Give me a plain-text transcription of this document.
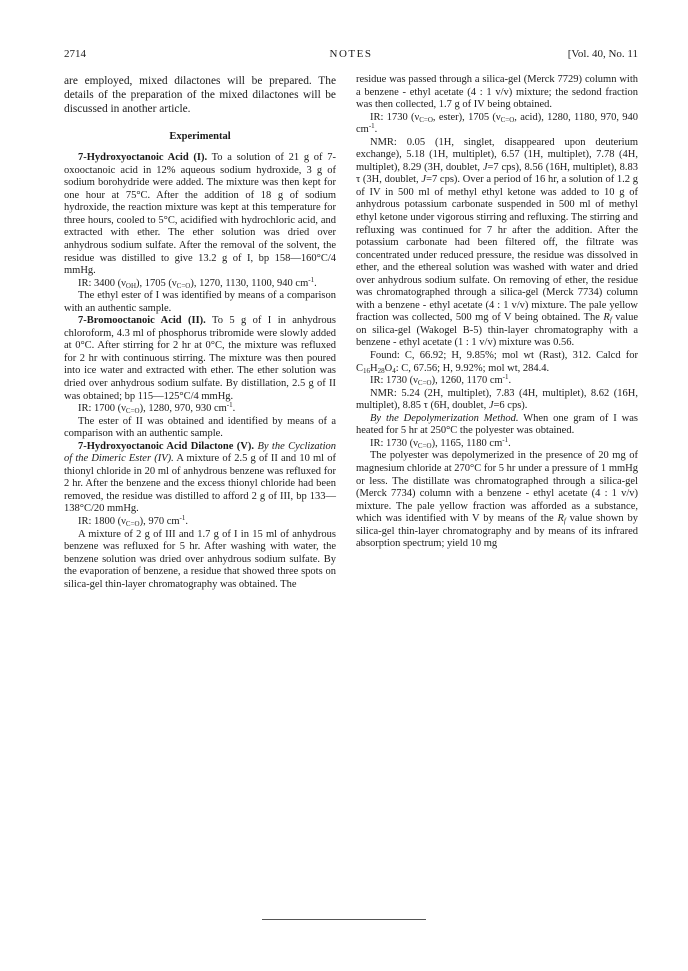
2714	NOTES	[Vol. 40, No. 11

are employed, mixed dilactones will be prepared. The details of the preparation of the mixed dilactones will be discussed in another article.

Experimental

7-Hydroxyoctanoic Acid (I). To a solution of 21 g of 7-oxooctanoic acid in 12% aqueous sodium hydroxide, 3 g of sodium borohydride were added. The mixture was then kept for one hour at 75°C. After the addition of 18 g of sodium hydroxide, the reaction mixture was kept at this temperature for three hours, cooled to 5°C, acidified with hydrochloric acid, and extracted with ether. The ether solution was dried over anhydrous sodium sulfate. After the removal of the solvent, the residue was distilled to give 13.2 g of I, bp 158—160°C/4 mmHg.

IR: 3400 $(\nu_{OH})$, 1705 $(\nu_{C=O})$, 1270, 1130, 1100, 940 $cm^{-1}$.

The ethyl ester of I was identified by means of a comparison with an authentic sample.

7-Bromooctanoic Acid (II). To 5 g of I in anhydrous chloroform, 4.3 ml of phosphorus tribromide were slowly added at 0°C. After stirring for 2 hr at 0°C, the mixture was refluxed for 2 hr with continuous stirring. The mixture was then poured into ice water and extracted with ether. The ether solution was dried over anhydrous sodium sulfate. By distillation, 2.5 g of II was obtained; bp 115—125°C/4 mmHg.

IR: 1700 $(\nu_{C=O})$, 1280, 970, 930 $cm^{-1}$.

The ester of II was obtained and identified by means of a comparison with an authentic sample.

7-Hydroxyoctanoic Acid Dilactone (V). By the Cyclization of the Dimeric Ester (IV). A mixture of 2.5 g of II and 10 ml of thionyl chloride in 20 ml of anhydrous benzene was refluxed for 2 hr. After the benzene and the excess thionyl chloride had been removed, the residue was distilled to afford 2 g of III, bp 133—138°C/20 mmHg.

IR: 1800 $(\nu_{C=O})$, 970 $cm^{-1}$.

A mixture of 2 g of III and 1.7 g of I in 15 ml of anhydrous benzene was refluxed for 5 hr. After washing with water, the benzene solution was dried over anhydrous sodium sulfate. By the evaporation of benzene, a residue that showed three spots on silica-gel thin-layer chromatography was obtained. The

residue was passed through a silica-gel (Merck 7729) column with a benzene - ethyl acetate (4 : 1 v/v) mixture; the sedond fraction was then collected, 1.7 g of IV being obtained.

IR: 1730 ($\nu_{C=O}$, ester), 1705 ($\nu_{C=O}$, acid), 1280, 1180, 970, 940 $cm^{-1}$.

NMR: 0.05 (1H, singlet, disappeared upon deuterium exchange), 5.18 (1H, multiplet), 6.57 (1H, multiplet), 7.78 (4H, multiplet), 8.29 (3H, doublet, J=7 cps), 8.56 (16H, multiplet), 8.83 τ (3H, doublet, J=7 cps). Over a period of 16 hr, a solution of 1.2 g of IV in 500 ml of methyl ethyl ketone was added to 10 g of anhydrous potassium carbonate suspended in 500 ml of methyl ethyl ketone under vigorous stirring and refluxing. The stirring and refluxing was continued for 7 hr after the addition. After the potassium carbonate had been filtered off, the filtrate was concentrated under reduced pressure, the residue was dissolved in ether, and the ethereal solution was washed with water and dried over anhydrous sodium sulfate. On removing of ether, the residue was chromatographed through a silica-gel (Merck 7734) column with a benzene - ethyl acetate (4 : 1 v/v) mixture. The pale yellow fraction was collected, 500 mg of V being obtained. The $R_f$ value on silica-gel (Wakogel B-5) thin-layer chromatography with a benzene - ethyl acetate (1 : 1 v/v) mixture was 0.56.

Found: C, 66.92; H, 9.85%; mol wt (Rast), 312. Calcd for $C_{16}H_{28}O_4$: C, 67.56; H, 9.92%; mol wt, 284.4.

IR: 1730 $(\nu_{C=O})$, 1260, 1170 $cm^{-1}$.

NMR: 5.24 (2H, multiplet), 7.83 (4H, multiplet), 8.62 (16H, multiplet), 8.85 τ (6H, doublet, J=6 cps).

By the Depolymerization Method. When one gram of I was heated for 5 hr at 250°C the polyester was obtained.

IR: 1730 $(\nu_{C=O})$, 1165, 1180 $cm^{-1}$.

The polyester was depolymerized in the presence of 20 mg of magnesium chloride at 270°C for 5 hr under a pressure of 1 mmHg or less. The distillate was chromatographed through a silica-gel (Merck 7734) column with a benzene - ethyl acetate (4 : 1 v/v) mixture. The pale yellow fraction was afforded as a substance, which was identified with V by means of the $R_f$ value shown by silica-gel thin-layer chromatography and by means of its infrared absorption spectrum; yield 10 mg
